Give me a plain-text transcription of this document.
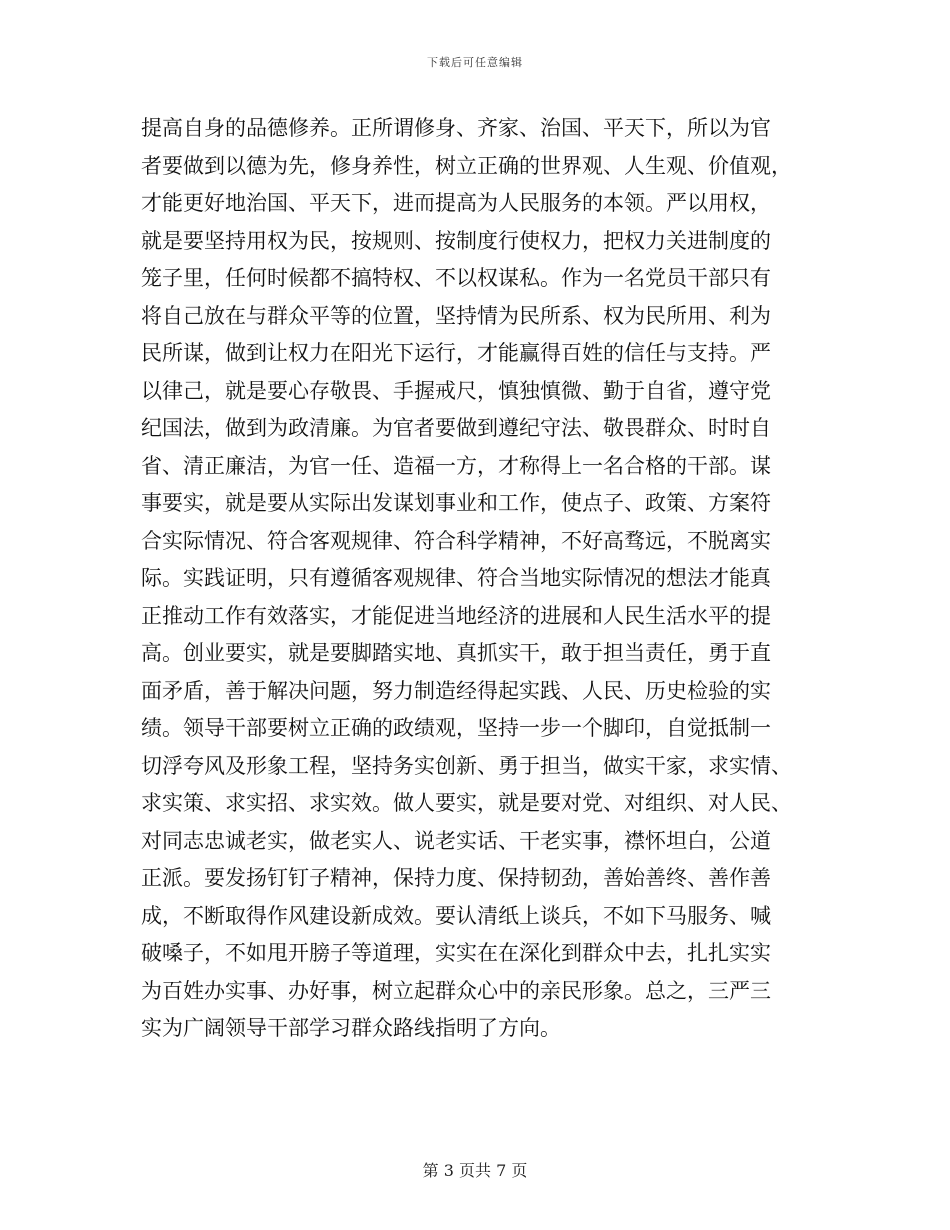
下载后可任意编辑
提高自身的品德修养。正所谓修身、齐家、治国、平天下，所以为官
者要做到以德为先，修身养性，树立正确的世界观、人生观、价值观，
才能更好地治国、平天下，进而提高为人民服务的本领。严以用权，
就是要坚持用权为民，按规则、按制度行使权力，把权力关进制度的
笼子里，任何时候都不搞特权、不以权谋私。作为一名党员干部只有
将自己放在与群众平等的位置，坚持情为民所系、权为民所用、利为
民所谋，做到让权力在阳光下运行，才能赢得百姓的信任与支持。严
以律己，就是要心存敬畏、手握戒尺，慎独慎微、勤于自省，遵守党
纪国法，做到为政清廉。为官者要做到遵纪守法、敬畏群众、时时自
省、清正廉洁，为官一任、造福一方，才称得上一名合格的干部。谋
事要实，就是要从实际出发谋划事业和工作，使点子、政策、方案符
合实际情况、符合客观规律、符合科学精神，不好高骛远，不脱离实
际。实践证明，只有遵循客观规律、符合当地实际情况的想法才能真
正推动工作有效落实，才能促进当地经济的进展和人民生活水平的提
高。创业要实，就是要脚踏实地、真抓实干，敢于担当责任，勇于直
面矛盾，善于解决问题，努力制造经得起实践、人民、历史检验的实
绩。领导干部要树立正确的政绩观，坚持一步一个脚印，自觉抵制一
切浮夸风及形象工程，坚持务实创新、勇于担当，做实干家，求实情、
求实策、求实招、求实效。做人要实，就是要对党、对组织、对人民、
对同志忠诚老实，做老实人、说老实话、干老实事，襟怀坦白，公道
正派。要发扬钉钉子精神，保持力度、保持韧劲，善始善终、善作善
成，不断取得作风建设新成效。要认清纸上谈兵，不如下马服务、喊
破嗓子，不如甩开膀子等道理，实实在在深化到群众中去，扎扎实实
为百姓办实事、办好事，树立起群众心中的亲民形象。总之，三严三
实为广阔领导干部学习群众路线指明了方向。
第 3 页共 7 页
